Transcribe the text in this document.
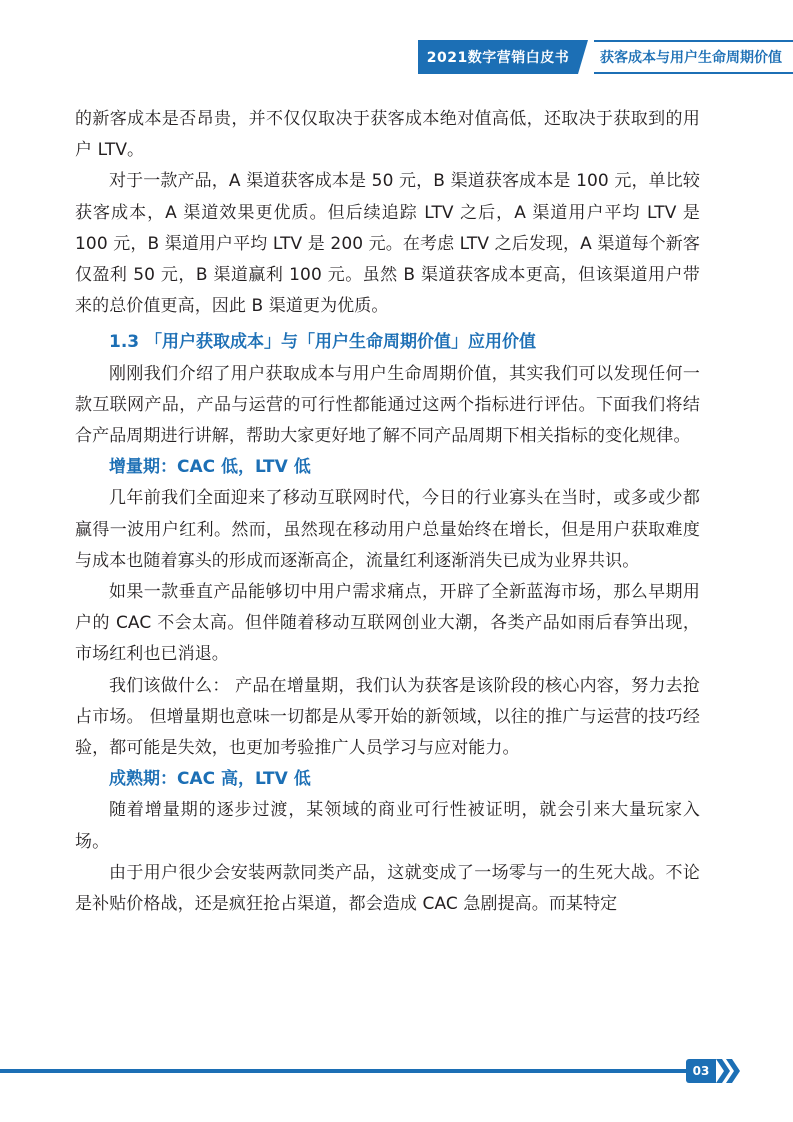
2021数字营销白皮书	获客成本与用户生命周期价值

的新客成本是否昂贵，并不仅仅取决于获客成本绝对值高低，还取决于获取到的用户 LTV。

对于一款产品，A 渠道获客成本是 50 元，B 渠道获客成本是 100 元，单比较获客成本，A 渠道效果更优质。但后续追踪 LTV 之后，A 渠道用户平均 LTV 是 100 元，B 渠道用户平均 LTV 是 200 元。在考虑 LTV 之后发现，A 渠道每个新客仅盈利 50 元，B 渠道赢利 100 元。虽然 B 渠道获客成本更高，但该渠道用户带来的总价值更高，因此 B 渠道更为优质。

1.3 「用户获取成本」与「用户生命周期价值」应用价值

刚刚我们介绍了用户获取成本与用户生命周期价值，其实我们可以发现任何一款互联网产品，产品与运营的可行性都能通过这两个指标进行评估。下面我们将结合产品周期进行讲解，帮助大家更好地了解不同产品周期下相关指标的变化规律。

增量期：CAC 低，LTV 低

几年前我们全面迎来了移动互联网时代，今日的行业寡头在当时，或多或少都赢得一波用户红利。然而，虽然现在移动用户总量始终在增长，但是用户获取难度与成本也随着寡头的形成而逐渐高企，流量红利逐渐消失已成为业界共识。

如果一款垂直产品能够切中用户需求痛点，开辟了全新蓝海市场，那么早期用户的 CAC 不会太高。但伴随着移动互联网创业大潮，各类产品如雨后春笋出现，市场红利也已消退。

我们该做什么： 产品在增量期，我们认为获客是该阶段的核心内容，努力去抢占市场。 但增量期也意味一切都是从零开始的新领域，以往的推广与运营的技巧经验，都可能是失效，也更加考验推广人员学习与应对能力。

成熟期：CAC 高，LTV 低

随着增量期的逐步过渡，某领域的商业可行性被证明，就会引来大量玩家入场。

由于用户很少会安装两款同类产品，这就变成了一场零与一的生死大战。不论是补贴价格战，还是疯狂抢占渠道，都会造成 CAC 急剧提高。而某特定

03
